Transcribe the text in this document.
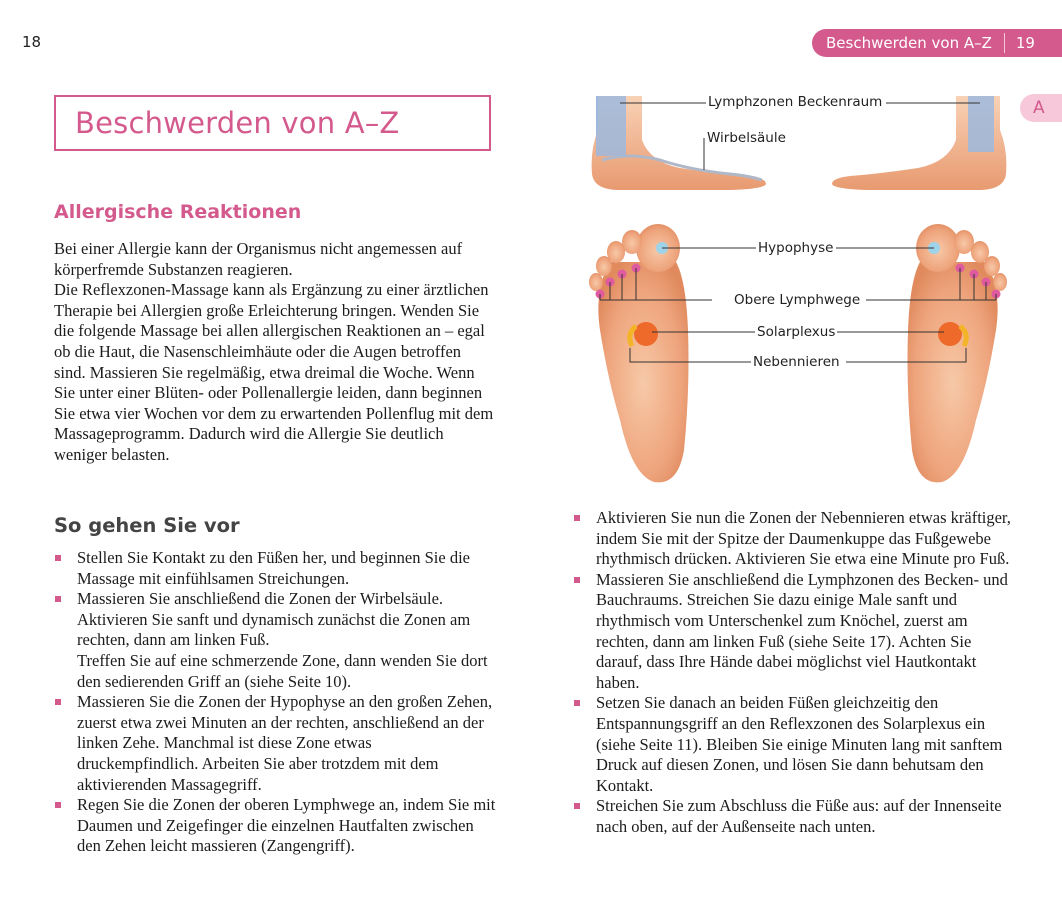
18	Beschwerden von A–Z 19
A
Beschwerden von A–Z
Allergische Reaktionen

Bei einer Allergie kann der Organismus nicht angemessen auf körperfremde Substanzen reagieren.

Die Reflexzonen-Massage kann als Ergänzung zu einer ärztlichen Therapie bei Allergien große Erleichterung bringen. Wenden Sie die folgende Massage bei allen allergischen Reaktionen an – egal ob die Haut, die Nasenschleimhäute oder die Augen betroffen sind. Massieren Sie regelmäßig, etwa dreimal die Woche. Wenn Sie unter einer Blüten- oder Pollenallergie leiden, dann beginnen Sie etwa vier Wochen vor dem zu erwartenden Pollenflug mit dem Massageprogramm. Dadurch wird die Allergie Sie deutlich weniger belasten.

So gehen Sie vor
Stellen Sie Kontakt zu den Füßen her, und beginnen Sie die Massage mit einfühlsamen Streichungen.
Massieren Sie anschließend die Zonen der Wirbelsäule. Aktivieren Sie sanft und dynamisch zunächst die Zonen am rechten, dann am linken Fuß.
Treffen Sie auf eine schmerzende Zone, dann wenden Sie dort den sedierenden Griff an (siehe Seite 10).
Massieren Sie die Zonen der Hypophyse an den großen Zehen, zuerst etwa zwei Minuten an der rechten, anschließend an der linken Zehe. Manchmal ist diese Zone etwas druckempfindlich. Arbeiten Sie aber trotzdem mit dem aktivierenden Massagegriff.
Regen Sie die Zonen der oberen Lymphwege an, indem Sie mit Daumen und Zeigefinger die einzelnen Hautfalten zwischen den Zehen leicht massieren (Zangengriff).
Lymphzonen Beckenraum
Wirbelsäule
Hypophyse
Obere Lymphwege
Solarplexus
Nebennieren
Aktivieren Sie nun die Zonen der Nebennieren etwas kräftiger, indem Sie mit der Spitze der Daumenkuppe das Fußgewebe rhythmisch drücken. Aktivieren Sie etwa eine Minute pro Fuß.
Massieren Sie anschließend die Lymphzonen des Becken- und Bauchraums. Streichen Sie dazu einige Male sanft und rhythmisch vom Unterschenkel zum Knöchel, zuerst am rechten, dann am linken Fuß (siehe Seite 17). Achten Sie darauf, dass Ihre Hände dabei möglichst viel Hautkontakt haben.
Setzen Sie danach an beiden Füßen gleichzeitig den Entspannungsgriff an den Reflexzonen des Solarplexus ein (siehe Seite 11). Bleiben Sie einige Minuten lang mit sanftem Druck auf diesen Zonen, und lösen Sie dann behutsam den Kontakt.
Streichen Sie zum Abschluss die Füße aus: auf der Innenseite nach oben, auf der Außenseite nach unten.
